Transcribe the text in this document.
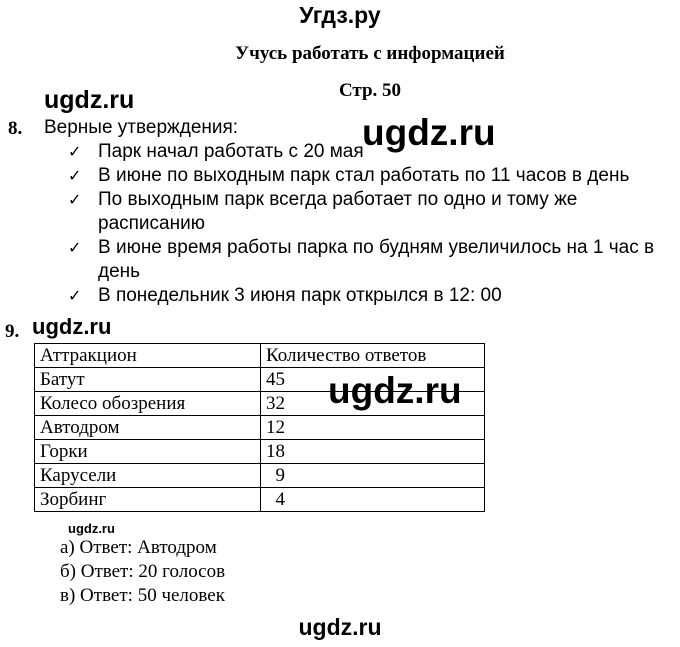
Угдз.ру
Учусь работать с информацией
Стр. 50
ugdz.ru
8. Верные утверждения:
✓ Парк начал работать с 20 мая
✓ В июне по выходным парк стал работать по 11 часов в день
✓ По выходным парк всегда работает по одно и тому же расписанию
✓ В июне время работы парка по будням увеличилось на 1 час в день
✓ В понедельник 3 июня парк открылся в 12: 00
ugdz.ru
9. ugdz.ru
Аттракцион	Количество ответов
Батут	45
Колесо обозрения	32
Автодром	12
Горки	18
Карусели	9
Зорбинг	4
ugdz.ru
ugdz.ru
а) Ответ: Автодром
б) Ответ: 20 голосов
в) Ответ: 50 человек
ugdz.ru
